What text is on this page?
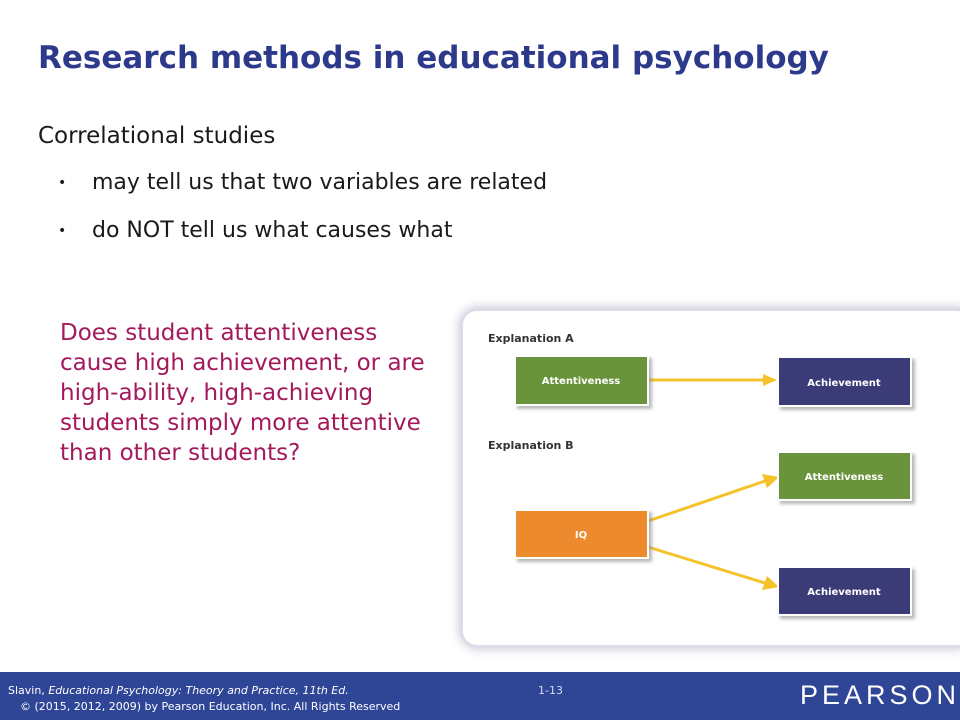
Research methods in educational psychology
Correlational studies
• may tell us that two variables are related
• do NOT tell us what causes what
Does student attentiveness cause high achievement, or are high-ability, high-achieving students simply more attentive than other students?
Explanation A
Attentiveness	Achievement
Explanation B
IQ
Attentiveness
Achievement
Slavin, Educational Psychology: Theory and Practice, 11th Ed.
© (2015, 2012, 2009) by Pearson Education, Inc. All Rights Reserved
1-13	PEARSON
